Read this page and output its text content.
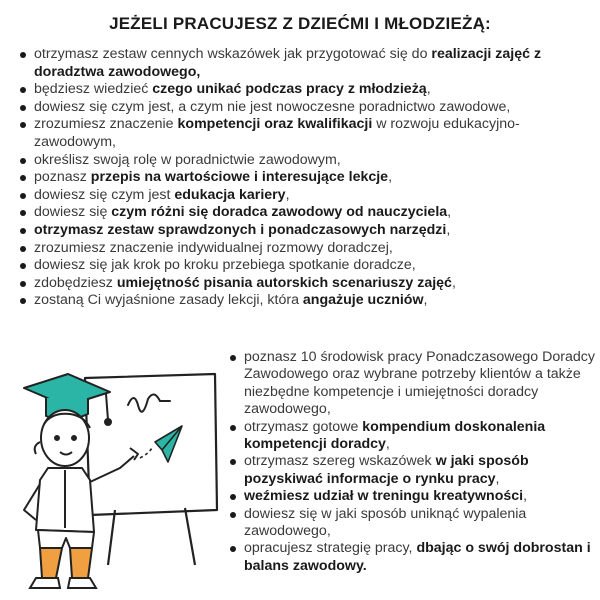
JEŻELI PRACUJESZ Z DZIEĆMI I MŁODZIEŻĄ:
otrzymasz zestaw cennych wskazówek jak przygotować się do realizacji zajęć z doradztwa zawodowego,
będziesz wiedzieć czego unikać podczas pracy z młodzieżą,
dowiesz się czym jest, a czym nie jest nowoczesne poradnictwo zawodowe,
zrozumiesz znaczenie kompetencji oraz kwalifikacji w rozwoju edukacyjno-zawodowym,
określisz swoją rolę w poradnictwie zawodowym,
poznasz przepis na wartościowe i interesujące lekcje,
dowiesz się czym jest edukacja kariery,
dowiesz się czym różni się doradca zawodowy od nauczyciela,
otrzymasz zestaw sprawdzonych i ponadczasowych narzędzi,
zrozumiesz znaczenie indywidualnej rozmowy doradczej,
dowiesz się jak krok po kroku przebiega spotkanie doradcze,
zdobędziesz umiejętność pisania autorskich scenariuszy zajęć,
zostaną Ci wyjaśnione zasady lekcji, która angażuje uczniów,
poznasz 10 środowisk pracy Ponadczasowego Doradcy Zawodowego oraz wybrane potrzeby klientów a także niezbędne kompetencje i umiejętności doradcy zawodowego,
otrzymasz gotowe kompendium doskonalenia kompetencji doradcy,
otrzymasz szereg wskazówek w jaki sposób pozyskiwać informacje o rynku pracy,
weźmiesz udział w treningu kreatywności,
dowiesz się w jaki sposób uniknąć wypalenia zawodowego,
opracujesz strategię pracy, dbając o swój dobrostan i balans zawodowy.
